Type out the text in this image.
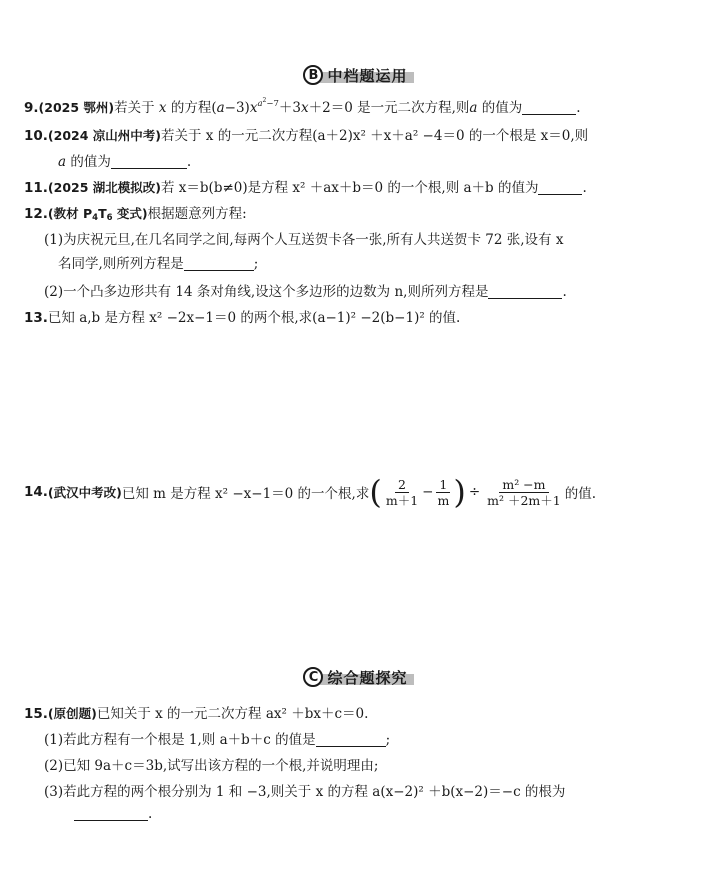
B 中档题运用
9.(2025 鄂州)若关于 x 的方程$(a-3)x^{a^2-7}+3x+2=0$ 是一元二次方程,则a 的值为	.
10.(2024 凉山州中考)若关于 x 的一元二次方程(a＋2)x² ＋x＋a² −4＝0 的一个根是 x＝0,则
a 的值为	.
11.(2025 湖北模拟改)若 x＝b(b≠0)是方程 x² ＋ax＋b＝0 的一个根,则 a＋b 的值为	.
12.(教材 $P_4T_6$ 变式)根据题意列方程:
(1)为庆祝元旦,在几名同学之间,每两个人互送贺卡各一张,所有人共送贺卡 72 张,设有 x
名同学,则所列方程是	;
(2)一个凸多边形共有 14 条对角线,设这个多边形的边数为 n,则所列方程是	.
13.已知 a,b 是方程 x² −2x−1＝0 的两个根,求(a−1)² −2(b−1)² 的值.
14. (武汉中考改) 已知 m 是方程 x² −x−1＝0 的一个根,求 ( $\frac{2}{m+1} - \frac{1}{m}$ ) ÷ $\frac{\text{m² −m}}{\text{m² ＋2m＋1}}$ 的值.
C 综合题探究
15.(原创题)已知关于 x 的一元二次方程 ax² ＋bx＋c＝0.
(1)若此方程有一个根是 1,则 a＋b＋c 的值是	;
(2)已知 9a＋c＝3b,试写出该方程的一个根,并说明理由;
(3)若此方程的两个根分别为 1 和 −3,则关于 x 的方程 a(x−2)² ＋b(x−2)＝−c 的根为
.
